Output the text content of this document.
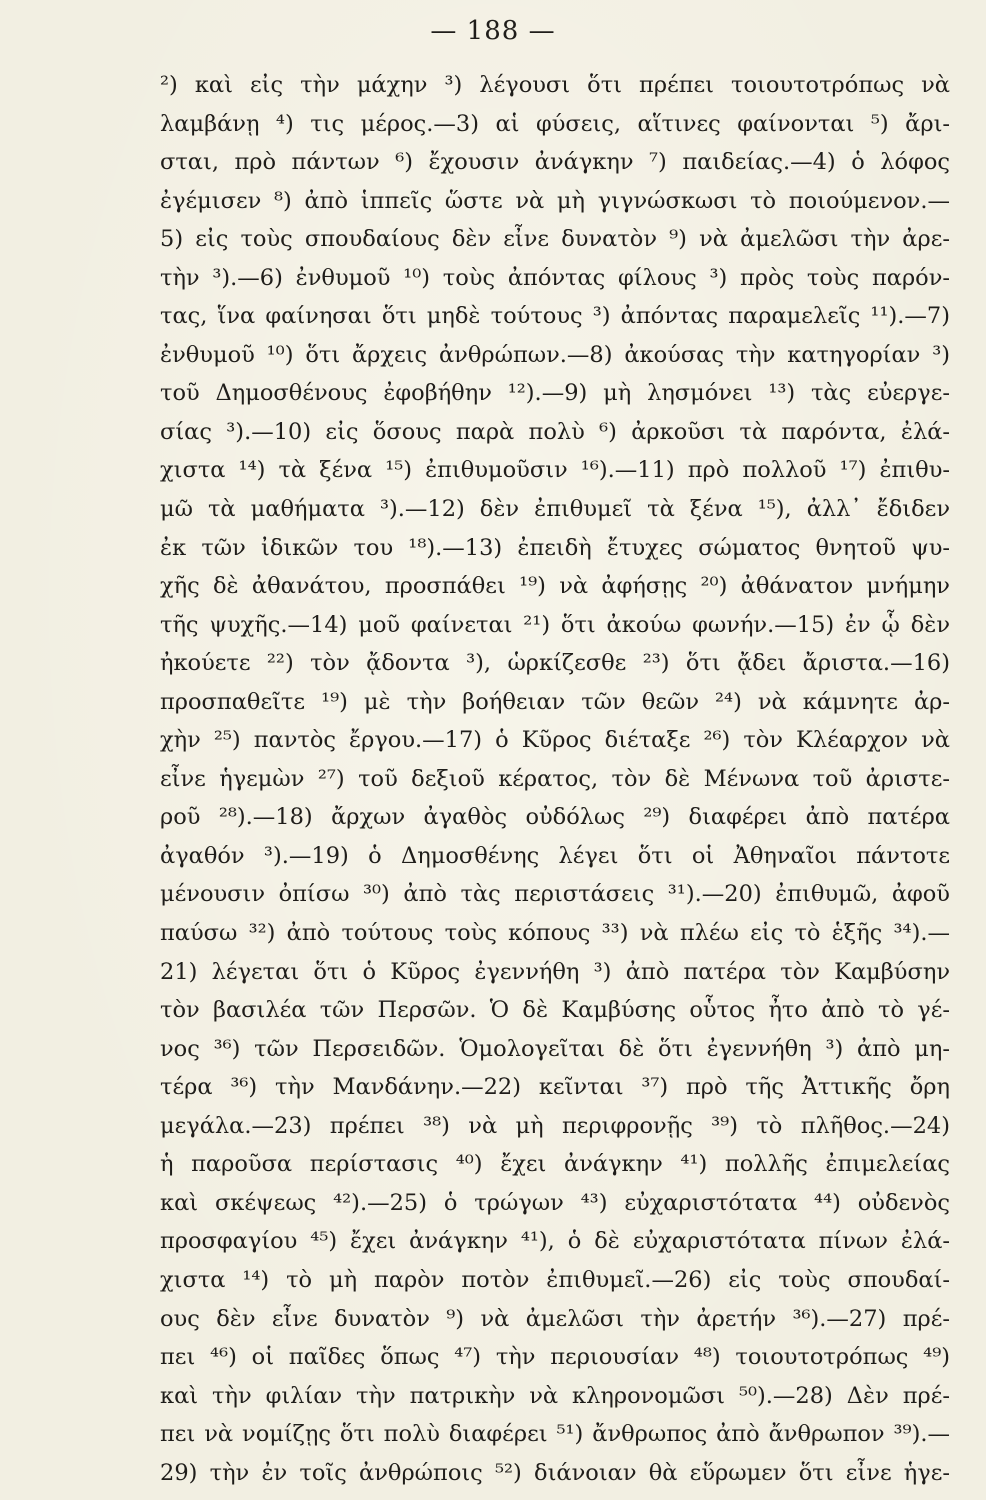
— 188 —
²) καὶ εἰς τὴν μάχην ³) λέγουσι ὅτι πρέπει τοιουτοτρόπως νὰ
λαμβάνῃ ⁴) τις μέρος.—3) αἱ φύσεις, αἵτινες φαίνονται ⁵) ἄρι-
σται, πρὸ πάντων ⁶) ἔχουσιν ἀνάγκην ⁷) παιδείας.—4) ὁ λόφος
ἐγέμισεν ⁸) ἀπὸ ἱππεῖς ὥστε νὰ μὴ γιγνώσκωσι τὸ ποιούμενον.—
5) εἰς τοὺς σπουδαίους δὲν εἶνε δυνατὸν ⁹) νὰ ἀμελῶσι τὴν ἀρε-
τὴν ³).—6) ἐνθυμοῦ ¹⁰) τοὺς ἀπόντας φίλους ³) πρὸς τοὺς παρόν-
τας, ἵνα φαίνησαι ὅτι μηδὲ τούτους ³) ἀπόντας παραμελεῖς ¹¹).—7)
ἐνθυμοῦ ¹⁰) ὅτι ἄρχεις ἀνθρώπων.—8) ἀκούσας τὴν κατηγορίαν ³)
τοῦ Δημοσθένους ἐφοβήθην ¹²).—9) μὴ λησμόνει ¹³) τὰς εὐεργε-
σίας ³).—10) εἰς ὅσους παρὰ πολὺ ⁶) ἀρκοῦσι τὰ παρόντα, ἐλά-
χιστα ¹⁴) τὰ ξένα ¹⁵) ἐπιθυμοῦσιν ¹⁶).—11) πρὸ πολλοῦ ¹⁷) ἐπιθυ-
μῶ τὰ μαθήματα ³).—12) δὲν ἐπιθυμεῖ τὰ ξένα ¹⁵), ἀλλ᾽ ἔδιδεν
ἐκ τῶν ἰδικῶν του ¹⁸).—13) ἐπειδὴ ἔτυχες σώματος θνητοῦ ψυ-
χῆς δὲ ἀθανάτου, προσπάθει ¹⁹) νὰ ἀφήσῃς ²⁰) ἀθάνατον μνήμην
τῆς ψυχῆς.—14) μοῦ φαίνεται ²¹) ὅτι ἀκούω φωνήν.—15) ἐν ᾧ δὲν
ἠκούετε ²²) τὸν ᾄδοντα ³), ὡρκίζεσθε ²³) ὅτι ᾄδει ἄριστα.—16)
προσπαθεῖτε ¹⁹) μὲ τὴν βοήθειαν τῶν θεῶν ²⁴) νὰ κάμνητε ἀρ-
χὴν ²⁵) παντὸς ἔργου.—17) ὁ Κῦρος διέταξε ²⁶) τὸν Κλέαρχον νὰ
εἶνε ἡγεμὼν ²⁷) τοῦ δεξιοῦ κέρατος, τὸν δὲ Μένωνα τοῦ ἀριστε-
ροῦ ²⁸).—18) ἄρχων ἀγαθὸς οὐδόλως ²⁹) διαφέρει ἀπὸ πατέρα
ἀγαθόν ³).—19) ὁ Δημοσθένης λέγει ὅτι οἱ Ἀθηναῖοι πάντοτε
μένουσιν ὀπίσω ³⁰) ἀπὸ τὰς περιστάσεις ³¹).—20) ἐπιθυμῶ, ἀφοῦ
παύσω ³²) ἀπὸ τούτους τοὺς κόπους ³³) νὰ πλέω εἰς τὸ ἑξῆς ³⁴).—
21) λέγεται ὅτι ὁ Κῦρος ἐγεννήθη ³) ἀπὸ πατέρα τὸν Καμβύσην
τὸν βασιλέα τῶν Περσῶν. Ὁ δὲ Καμβύσης οὗτος ἦτο ἀπὸ τὸ γέ-
νος ³⁶) τῶν Περσειδῶν. Ὁμολογεῖται δὲ ὅτι ἐγεννήθη ³) ἀπὸ μη-
τέρα ³⁶) τὴν Μανδάνην.—22) κεῖνται ³⁷) πρὸ τῆς Ἀττικῆς ὄρη
μεγάλα.—23) πρέπει ³⁸) νὰ μὴ περιφρονῇς ³⁹) τὸ πλῆθος.—24)
ἡ παροῦσα περίστασις ⁴⁰) ἔχει ἀνάγκην ⁴¹) πολλῆς ἐπιμελείας
καὶ σκέψεως ⁴²).—25) ὁ τρώγων ⁴³) εὐχαριστότατα ⁴⁴) οὐδενὸς
προσφαγίου ⁴⁵) ἔχει ἀνάγκην ⁴¹), ὁ δὲ εὐχαριστότατα πίνων ἐλά-
χιστα ¹⁴) τὸ μὴ παρὸν ποτὸν ἐπιθυμεῖ.—26) εἰς τοὺς σπουδαί-
ους δὲν εἶνε δυνατὸν ⁹) νὰ ἀμελῶσι τὴν ἀρετήν ³⁶).—27) πρέ-
πει ⁴⁶) οἱ παῖδες ὅπως ⁴⁷) τὴν περιουσίαν ⁴⁸) τοιουτοτρόπως ⁴⁹)
καὶ τὴν φιλίαν τὴν πατρικὴν νὰ κληρονομῶσι ⁵⁰).—28) Δὲν πρέ-
πει νὰ νομίζῃς ὅτι πολὺ διαφέρει ⁵¹) ἄνθρωπος ἀπὸ ἄνθρωπον ³⁹).—
29) τὴν ἐν τοῖς ἀνθρώποις ⁵²) διάνοιαν θὰ εὕρωμεν ὅτι εἶνε ἡγε-
